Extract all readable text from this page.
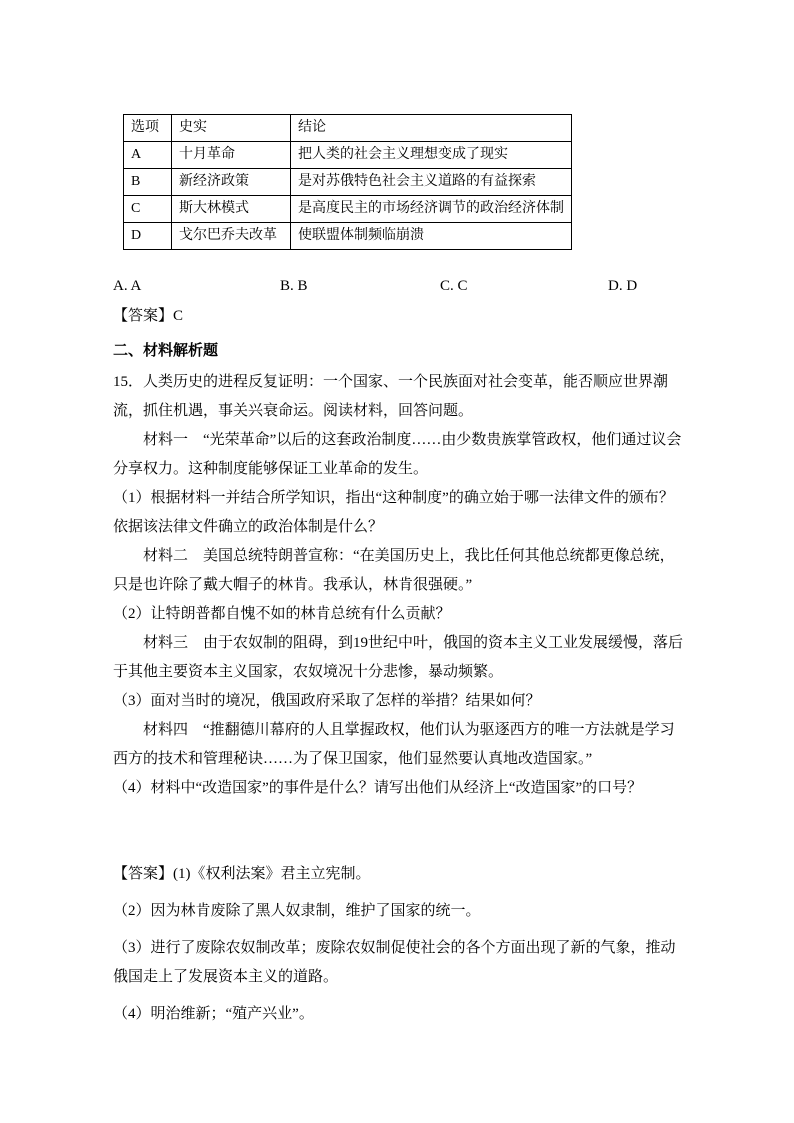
选项	史实	结论
A	十月革命	把人类的社会主义理想变成了现实
B	新经济政策	是对苏俄特色社会主义道路的有益探索
C	斯大林模式	是高度民主的市场经济调节的政治经济体制
D	戈尔巴乔夫改革	使联盟体制频临崩溃
A. A	B. B	C. C	D. D

【答案】C

二、材料解析题

15．人类历史的进程反复证明：一个国家、一个民族面对社会变革，能否顺应世界潮流，抓住机遇，事关兴衰命运。阅读材料，回答问题。

材料一　“光荣革命”以后的这套政治制度……由少数贵族掌管政权，他们通过议会分享权力。这种制度能够保证工业革命的发生。

（1）根据材料一并结合所学知识，指出“这种制度”的确立始于哪一法律文件的颁布？依据该法律文件确立的政治体制是什么？

材料二　美国总统特朗普宣称：“在美国历史上，我比任何其他总统都更像总统，只是也许除了戴大帽子的林肯。我承认，林肯很强硬。”

（2）让特朗普都自愧不如的林肯总统有什么贡献？

材料三　由于农奴制的阻碍，到19世纪中叶，俄国的资本主义工业发展缓慢，落后于其他主要资本主义国家，农奴境况十分悲惨，暴动频繁。

（3）面对当时的境况，俄国政府采取了怎样的举措？结果如何？

材料四　“推翻德川幕府的人且掌握政权，他们认为驱逐西方的唯一方法就是学习西方的技术和管理秘诀……为了保卫国家，他们显然要认真地改造国家。”

（4）材料中“改造国家”的事件是什么？请写出他们从经济上“改造国家”的口号？

【答案】(1)《权利法案》君主立宪制。

（2）因为林肯废除了黑人奴隶制，维护了国家的统一。

（3）进行了废除农奴制改革；废除农奴制促使社会的各个方面出现了新的气象，推动俄国走上了发展资本主义的道路。

（4）明治维新；“殖产兴业”。
